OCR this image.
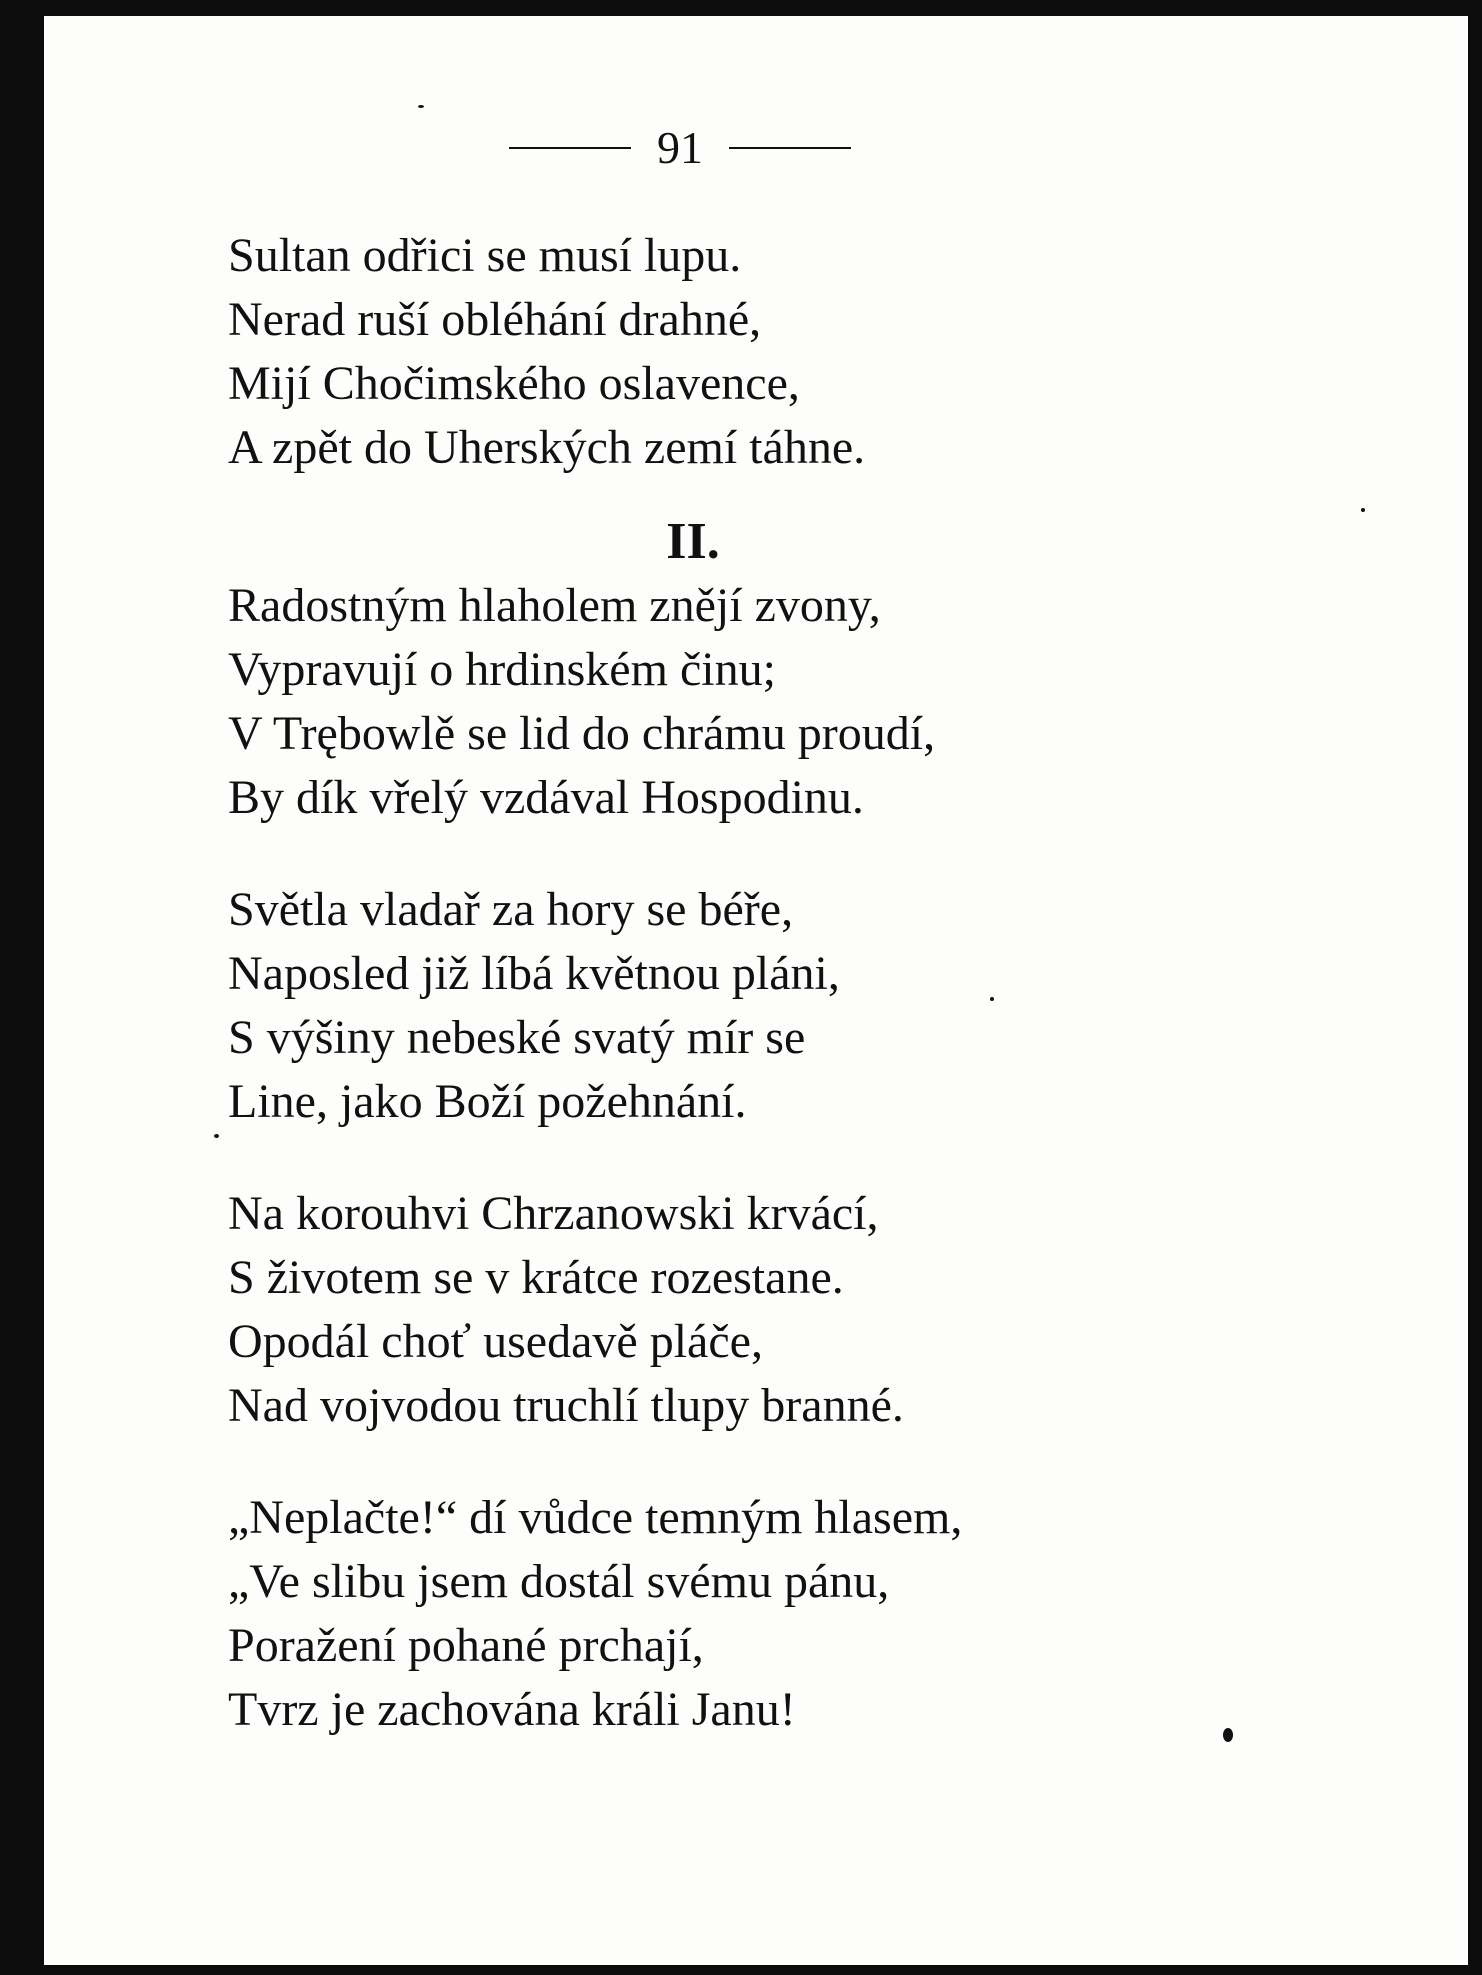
91
Sultan odřici se musí lupu.
Nerad ruší obléhání drahné,
Mijí Chočimského oslavence,
A zpět do Uherských zemí táhne.
II.
Radostným hlaholem znějí zvony,
Vypravují o hrdinském činu;
V Trębowlě se lid do chrámu proudí,
By dík vřelý vzdával Hospodinu.
Světla vladař za hory se béře,
Naposled již líbá květnou pláni,
S výšiny nebeské svatý mír se
Line, jako Boží požehnání.
Na korouhvi Chrzanowski krvácí,
S životem se v krátce rozestane.
Opodál choť usedavě pláče,
Nad vojvodou truchlí tlupy branné.
„Neplačte!“ dí vůdce temným hlasem,
„Ve slibu jsem dostál svému pánu,
Poražení pohané prchají,
Tvrz je zachována králi Janu!
